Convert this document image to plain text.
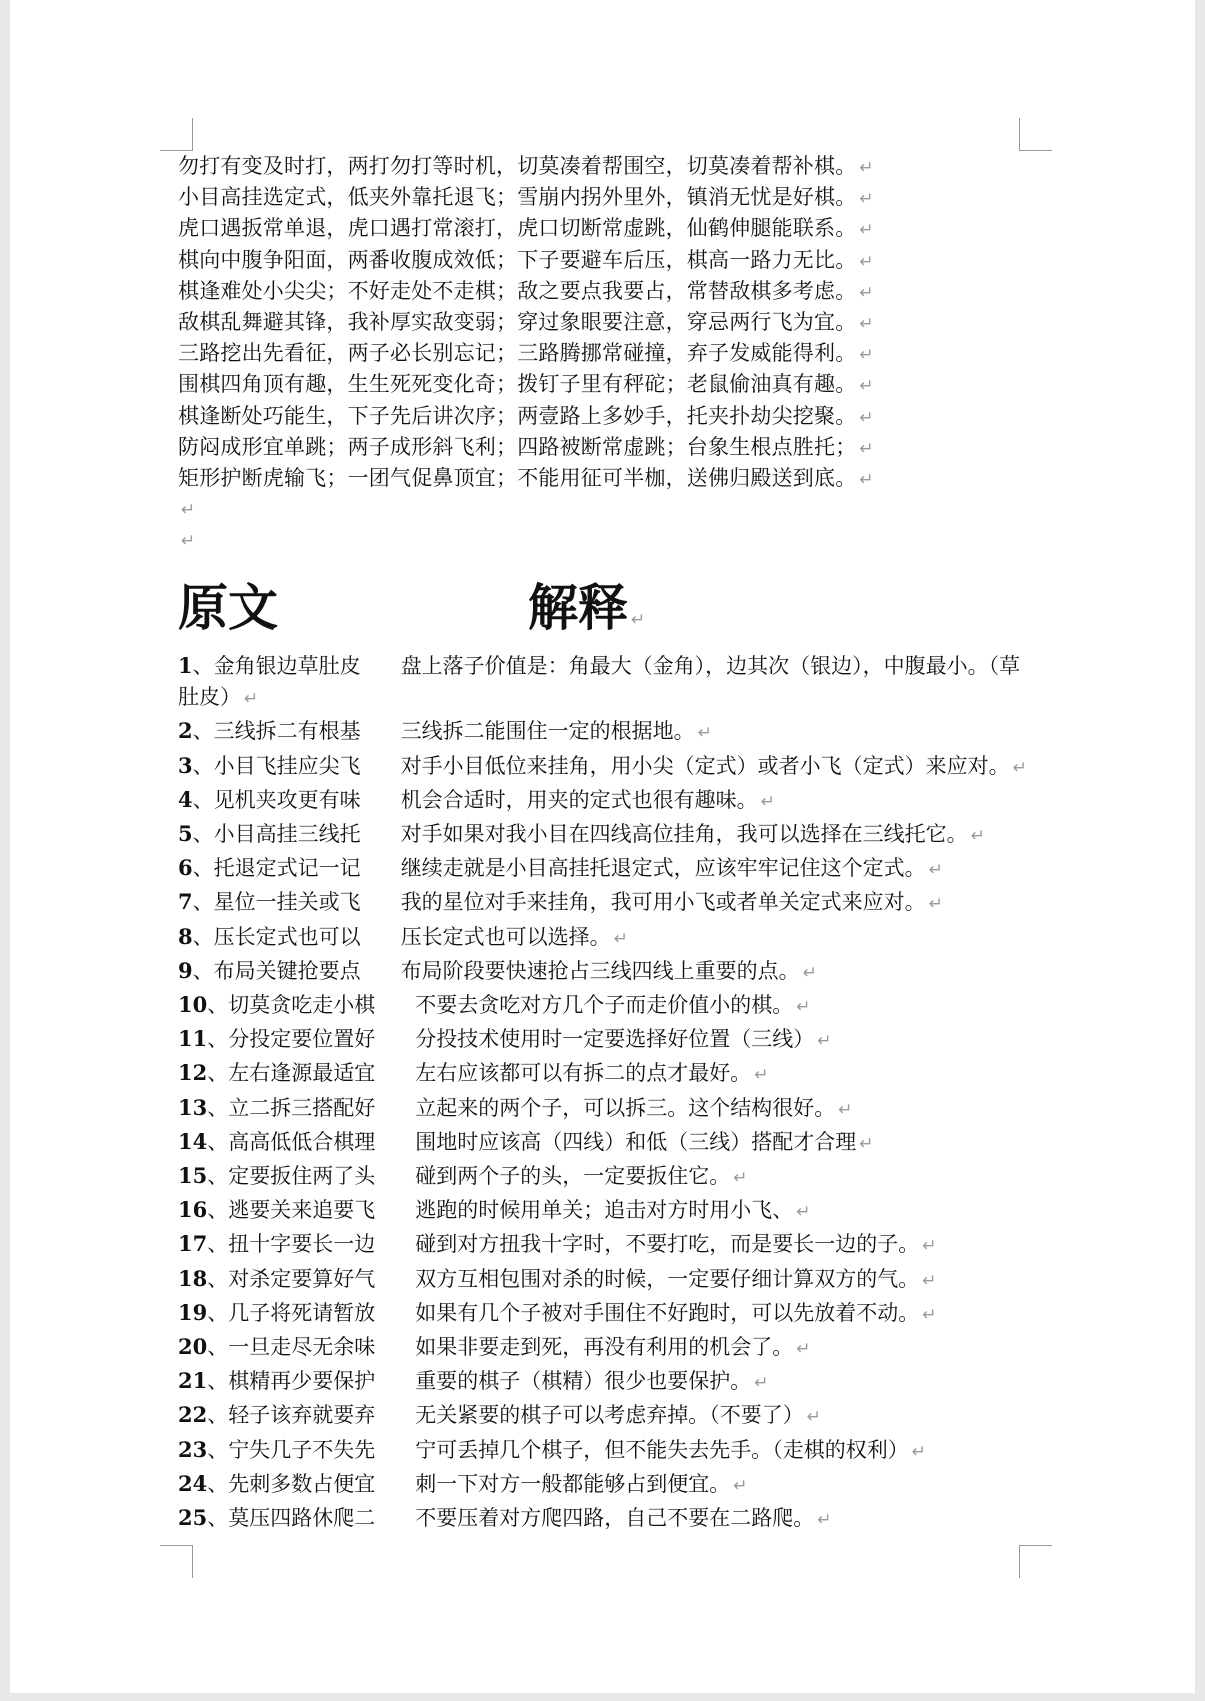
勿打有变及时打，两打勿打等时机，切莫凑着帮围空，切莫凑着帮补棋。 ↵
小目高挂选定式，低夹外靠托退飞；雪崩内拐外里外，镇消无忧是好棋。 ↵
虎口遇扳常单退，虎口遇打常滚打，虎口切断常虚跳，仙鹤伸腿能联系。 ↵
棋向中腹争阳面，两番收腹成效低；下子要避车后压，棋高一路力无比。 ↵
棋逢难处小尖尖；不好走处不走棋；敌之要点我要占，常替敌棋多考虑。 ↵
敌棋乱舞避其锋，我补厚实敌变弱；穿过象眼要注意，穿忌两行飞为宜。 ↵
三路挖出先看征，两子必长别忘记；三路腾挪常碰撞，弃子发威能得利。 ↵
围棋四角顶有趣，生生死死变化奇；拨钉子里有秤砣；老鼠偷油真有趣。 ↵
棋逢断处巧能生，下子先后讲次序；两壹路上多妙手，托夹扑劫尖挖聚。 ↵
防闷成形宜单跳；两子成形斜飞利；四路被断常虚跳；台象生根点胜托； ↵
矩形护断虎输飞；一团气促鼻顶宜；不能用征可半枷，送佛归殿送到底。 ↵
↵
↵
原文	解释 ↵
1、金角银边草肚皮 盘上落子价值是：角最大（金角），边其次（银边），中腹最小。（草肚皮） ↵
2、三线拆二有根基 三线拆二能围住一定的根据地。 ↵
3、小目飞挂应尖飞 对手小目低位来挂角，用小尖（定式）或者小飞（定式）来应对。 ↵
4、见机夹攻更有味 机会合适时，用夹的定式也很有趣味。 ↵
5、小目高挂三线托 对手如果对我小目在四线高位挂角，我可以选择在三线托它。 ↵
6、托退定式记一记 继续走就是小目高挂托退定式，应该牢牢记住这个定式。 ↵
7、星位一挂关或飞 我的星位对手来挂角，我可用小飞或者单关定式来应对。 ↵
8、压长定式也可以 压长定式也可以选择。 ↵
9、布局关键抢要点 布局阶段要快速抢占三线四线上重要的点。 ↵
10、切莫贪吃走小棋 不要去贪吃对方几个子而走价值小的棋。 ↵
11、分投定要位置好 分投技术使用时一定要选择好位置（三线） ↵
12、左右逢源最适宜 左右应该都可以有拆二的点才最好。 ↵
13、立二拆三搭配好 立起来的两个子，可以拆三。这个结构很好。 ↵
14、高高低低合棋理 围地时应该高（四线）和低（三线）搭配才合理 ↵
15、定要扳住两了头 碰到两个子的头，一定要扳住它。 ↵
16、逃要关来追要飞 逃跑的时候用单关；追击对方时用小飞、 ↵
17、扭十字要长一边 碰到对方扭我十字时，不要打吃，而是要长一边的子。 ↵
18、对杀定要算好气 双方互相包围对杀的时候，一定要仔细计算双方的气。 ↵
19、几子将死请暂放 如果有几个子被对手围住不好跑时，可以先放着不动。 ↵
20、一旦走尽无余味 如果非要走到死，再没有利用的机会了。 ↵
21、棋精再少要保护 重要的棋子（棋精）很少也要保护。 ↵
22、轻子该弃就要弃 无关紧要的棋子可以考虑弃掉。（不要了） ↵
23、宁失几子不失先 宁可丢掉几个棋子，但不能失去先手。（走棋的权利） ↵
24、先刺多数占便宜 刺一下对方一般都能够占到便宜。 ↵
25、莫压四路休爬二 不要压着对方爬四路，自己不要在二路爬。 ↵
